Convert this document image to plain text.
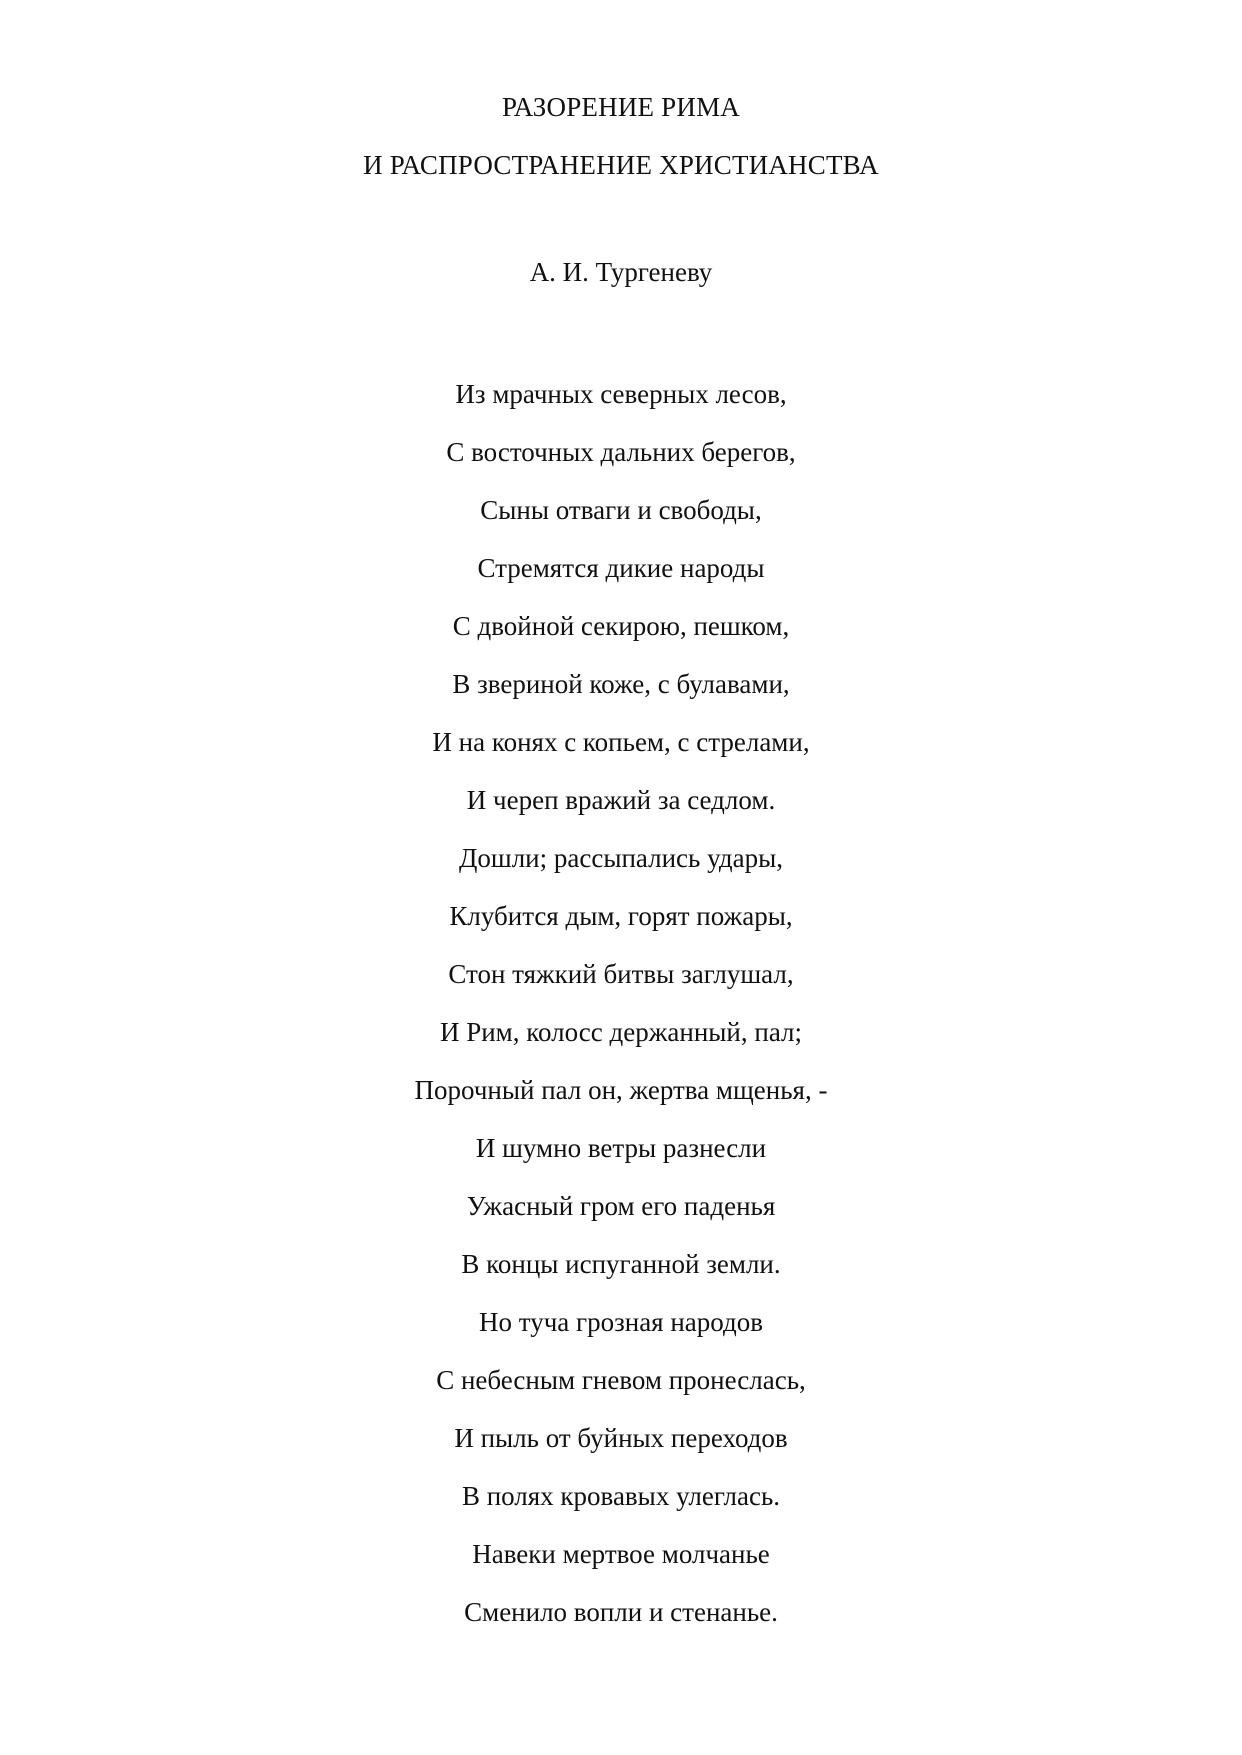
РАЗОРЕНИЕ РИМА

И РАСПРОСТРАНЕНИЕ ХРИСТИАНСТВА

А. И. Тургеневу

Из мрачных северных лесов,
С восточных дальних берегов,
Сыны отваги и свободы,
Стремятся дикие народы
С двойной секирою, пешком,
В звериной коже, с булавами,
И на конях с копьем, с стрелами,
И череп вражий за седлом.
Дошли; рассыпались удары,
Клубится дым, горят пожары,
Стон тяжкий битвы заглушал,
И Рим, колосс держанный, пал;
Порочный пал он, жертва мщенья, -
И шумно ветры разнесли
Ужасный гром его паденья
В концы испуганной земли.
Но туча грозная народов
С небесным гневом пронеслась,
И пыль от буйных переходов
В полях кровавых улеглась.
Навеки мертвое молчанье
Сменило вопли и стенанье.
